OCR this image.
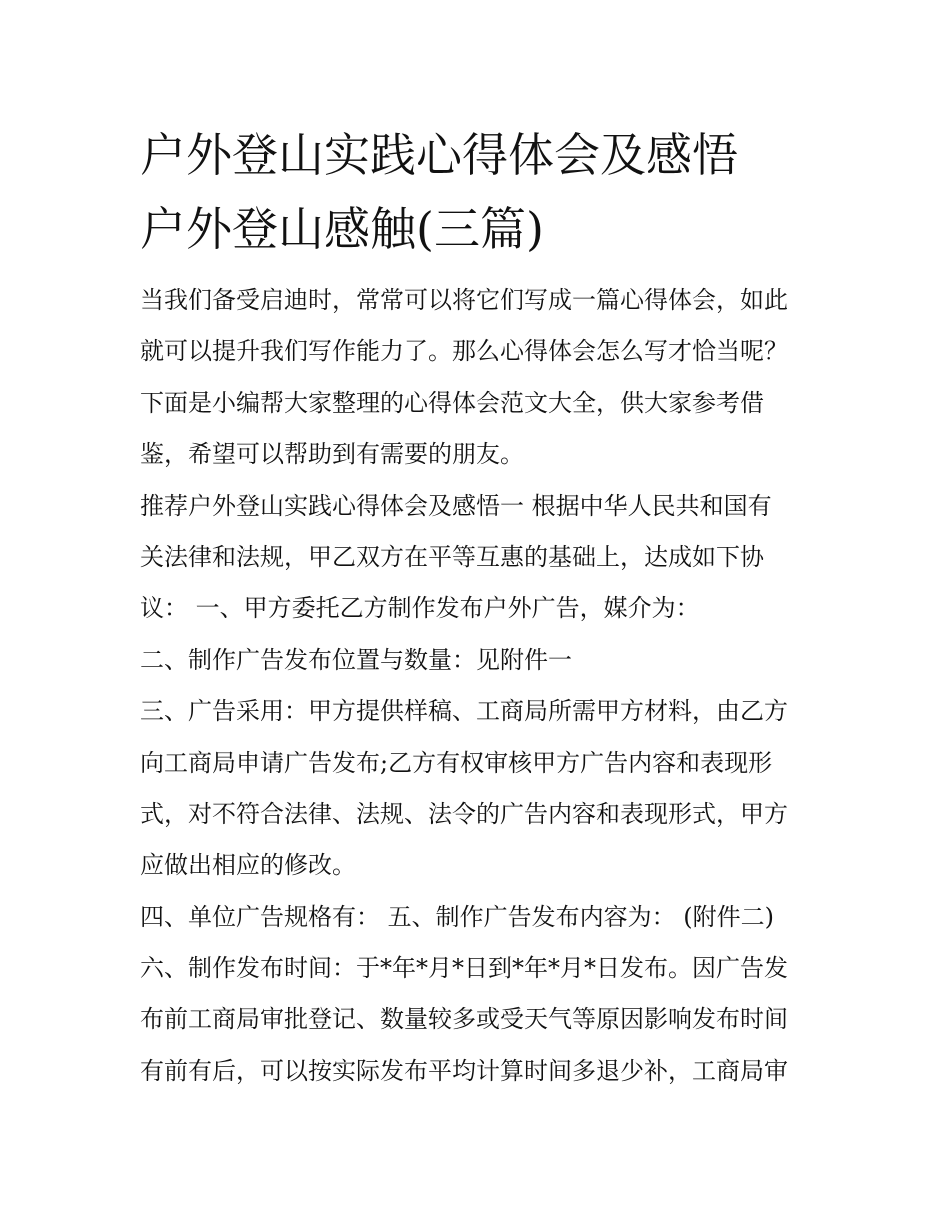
户外登山实践心得体会及感悟
户外登山感触(三篇)
当我们备受启迪时，常常可以将它们写成一篇心得体会，如此
就可以提升我们写作能力了。那么心得体会怎么写才恰当呢？
下面是小编帮大家整理的心得体会范文大全，供大家参考借
鉴，希望可以帮助到有需要的朋友。
推荐户外登山实践心得体会及感悟一 根据中华人民共和国有
关法律和法规，甲乙双方在平等互惠的基础上，达成如下协
议： 一、甲方委托乙方制作发布户外广告，媒介为：
二、制作广告发布位置与数量：见附件一
三、广告采用：甲方提供样稿、工商局所需甲方材料，由乙方
向工商局申请广告发布;乙方有权审核甲方广告内容和表现形
式，对不符合法律、法规、法令的广告内容和表现形式，甲方
应做出相应的修改。
四、单位广告规格有： 五、制作广告发布内容为： (附件二)
六、制作发布时间：于*年*月*日到*年*月*日发布。因广告发
布前工商局审批登记、数量较多或受天气等原因影响发布时间
有前有后，可以按实际发布平均计算时间多退少补，工商局审
